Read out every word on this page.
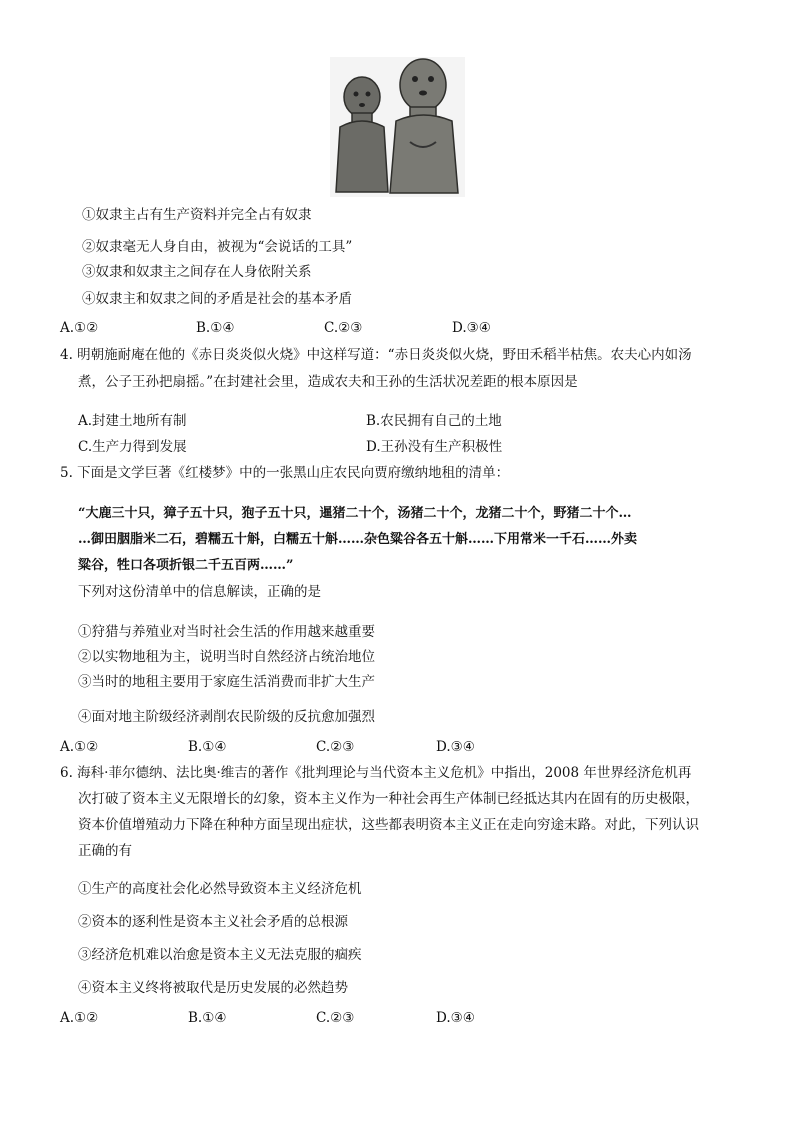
①奴隶主占有生产资料并完全占有奴隶
②奴隶毫无人身自由，被视为“会说话的工具”
③奴隶和奴隶主之间存在人身依附关系
④奴隶主和奴隶之间的矛盾是社会的基本矛盾
A.①②	B.①④	C.②③	D.③④
4. 明朝施耐庵在他的《赤日炎炎似火烧》中这样写道：“赤日炎炎似火烧，野田禾稻半枯焦。农夫心内如汤
煮，公子王孙把扇摇。”在封建社会里，造成农夫和王孙的生活状况差距的根本原因是
A.封建土地所有制	B.农民拥有自己的土地
C.生产力得到发展	D.王孙没有生产积极性
5. 下面是文学巨著《红楼梦》中的一张黑山庄农民向贾府缴纳地租的清单：
“大鹿三十只，獐子五十只，狍子五十只，暹猪二十个，汤猪二十个，龙猪二十个，野猪二十个…
…御田胭脂米二石，碧糯五十斛，白糯五十斛……杂色粱谷各五十斛……下用常米一千石……外卖
粱谷，牲口各项折银二千五百两……”
下列对这份清单中的信息解读，正确的是
①狩猎与养殖业对当时社会生活的作用越来越重要
②以实物地租为主，说明当时自然经济占统治地位
③当时的地租主要用于家庭生活消费而非扩大生产
④面对地主阶级经济剥削农民阶级的反抗愈加强烈
A.①②	B.①④	C.②③	D.③④
6. 海科·菲尔德纳、法比奥·维吉的著作《批判理论与当代资本主义危机》中指出，2008 年世界经济危机再
次打破了资本主义无限增长的幻象，资本主义作为一种社会再生产体制已经抵达其内在固有的历史极限，
资本价值增殖动力下降在种种方面呈现出症状，这些都表明资本主义正在走向穷途末路。对此，下列认识
正确的有
①生产的高度社会化必然导致资本主义经济危机
②资本的逐利性是资本主义社会矛盾的总根源
③经济危机难以治愈是资本主义无法克服的痼疾
④资本主义终将被取代是历史发展的必然趋势
A.①②	B.①④	C.②③	D.③④
